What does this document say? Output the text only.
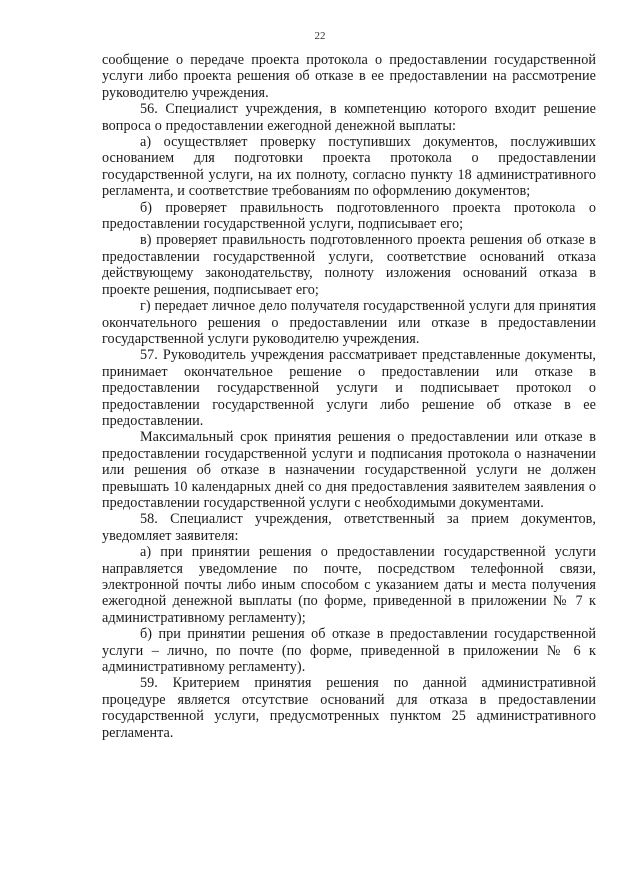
22

сообщение о передаче проекта протокола о предоставлении государственной услуги либо проекта решения об отказе в ее предоставлении на рассмотрение руководителю учреждения.

56. Специалист учреждения, в компетенцию которого входит решение вопроса о предоставлении ежегодной денежной выплаты:

а) осуществляет проверку поступивших документов, послуживших основанием для подготовки проекта протокола о предоставлении государственной услуги, на их полноту, согласно пункту 18 административного регламента, и соответствие требованиям по оформлению документов;

б) проверяет правильность подготовленного проекта протокола о предоставлении государственной услуги, подписывает его;

в) проверяет правильность подготовленного проекта решения об отказе в предоставлении государственной услуги, соответствие оснований отказа действующему законодательству, полноту изложения оснований отказа в проекте решения, подписывает его;

г) передает личное дело получателя государственной услуги для принятия окончательного решения о предоставлении или отказе в предоставлении государственной услуги руководителю учреждения.

57. Руководитель учреждения рассматривает представленные документы, принимает окончательное решение о предоставлении или отказе в предоставлении государственной услуги и подписывает протокол о предоставлении государственной услуги либо решение об отказе в ее предоставлении.

Максимальный срок принятия решения о предоставлении или отказе в предоставлении государственной услуги и подписания протокола о назначении или решения об отказе в назначении государственной услуги не должен превышать 10 календарных дней со дня предоставления заявителем заявления о предоставлении государственной услуги с необходимыми документами.

58. Специалист учреждения, ответственный за прием документов, уведомляет заявителя:

а) при принятии решения о предоставлении государственной услуги направляется уведомление по почте, посредством телефонной связи, электронной почты либо иным способом с указанием даты и места получения ежегодной денежной выплаты (по форме, приведенной в приложении № 7 к административному регламенту);

б) при принятии решения об отказе в предоставлении государственной услуги – лично, по почте (по форме, приведенной в приложении № 6 к административному регламенту).

59. Критерием принятия решения по данной административной процедуре является отсутствие оснований для отказа в предоставлении государственной услуги, предусмотренных пунктом 25 административного регламента.
